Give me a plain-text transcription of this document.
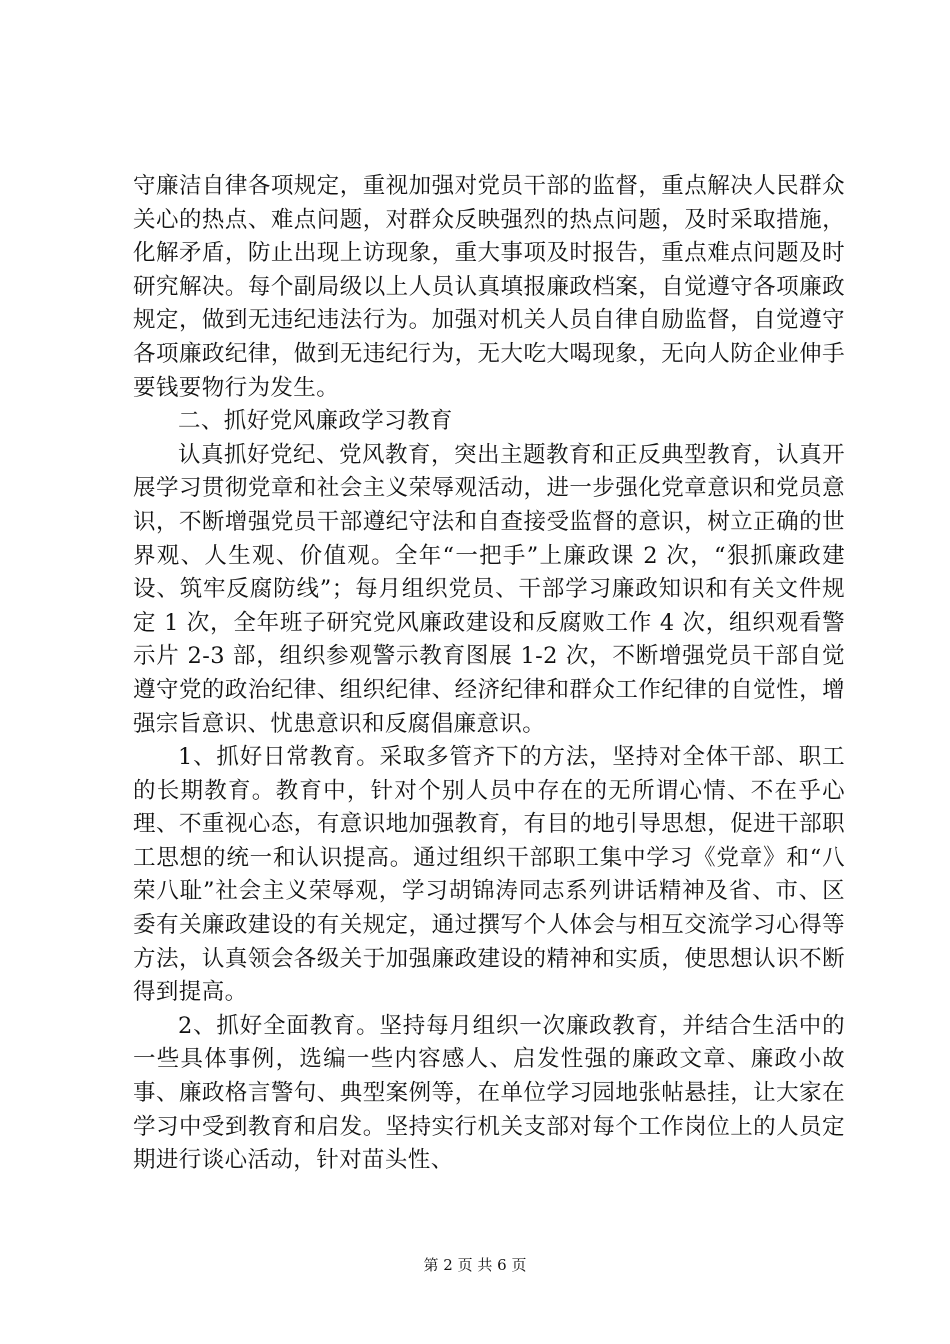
守廉洁自律各项规定，重视加强对党员干部的监督，重点解决人民群众关心的热点、难点问题，对群众反映强烈的热点问题，及时采取措施，化解矛盾，防止出现上访现象，重大事项及时报告，重点难点问题及时研究解决。每个副局级以上人员认真填报廉政档案，自觉遵守各项廉政规定，做到无违纪违法行为。加强对机关人员自律自励监督，自觉遵守各项廉政纪律，做到无违纪行为，无大吃大喝现象，无向人防企业伸手要钱要物行为发生。

二、抓好党风廉政学习教育

认真抓好党纪、党风教育，突出主题教育和正反典型教育，认真开展学习贯彻党章和社会主义荣辱观活动，进一步强化党章意识和党员意识，不断增强党员干部遵纪守法和自查接受监督的意识，树立正确的世界观、人生观、价值观。全年“一把手”上廉政课 2 次，“狠抓廉政建设、筑牢反腐防线”；每月组织党员、干部学习廉政知识和有关文件规定 1 次，全年班子研究党风廉政建设和反腐败工作 4 次，组织观看警示片 2-3 部，组织参观警示教育图展 1-2 次，不断增强党员干部自觉遵守党的政治纪律、组织纪律、经济纪律和群众工作纪律的自觉性，增强宗旨意识、忧患意识和反腐倡廉意识。

1、抓好日常教育。采取多管齐下的方法，坚持对全体干部、职工的长期教育。教育中，针对个别人员中存在的无所谓心情、不在乎心理、不重视心态，有意识地加强教育，有目的地引导思想，促进干部职工思想的统一和认识提高。通过组织干部职工集中学习《党章》和“八荣八耻”社会主义荣辱观，学习胡锦涛同志系列讲话精神及省、市、区委有关廉政建设的有关规定，通过撰写个人体会与相互交流学习心得等方法，认真领会各级关于加强廉政建设的精神和实质，使思想认识不断得到提高。

2、抓好全面教育。坚持每月组织一次廉政教育，并结合生活中的一些具体事例，选编一些内容感人、启发性强的廉政文章、廉政小故事、廉政格言警句、典型案例等，在单位学习园地张帖悬挂，让大家在学习中受到教育和启发。坚持实行机关支部对每个工作岗位上的人员定期进行谈心活动，针对苗头性、

第 2 页 共 6 页
